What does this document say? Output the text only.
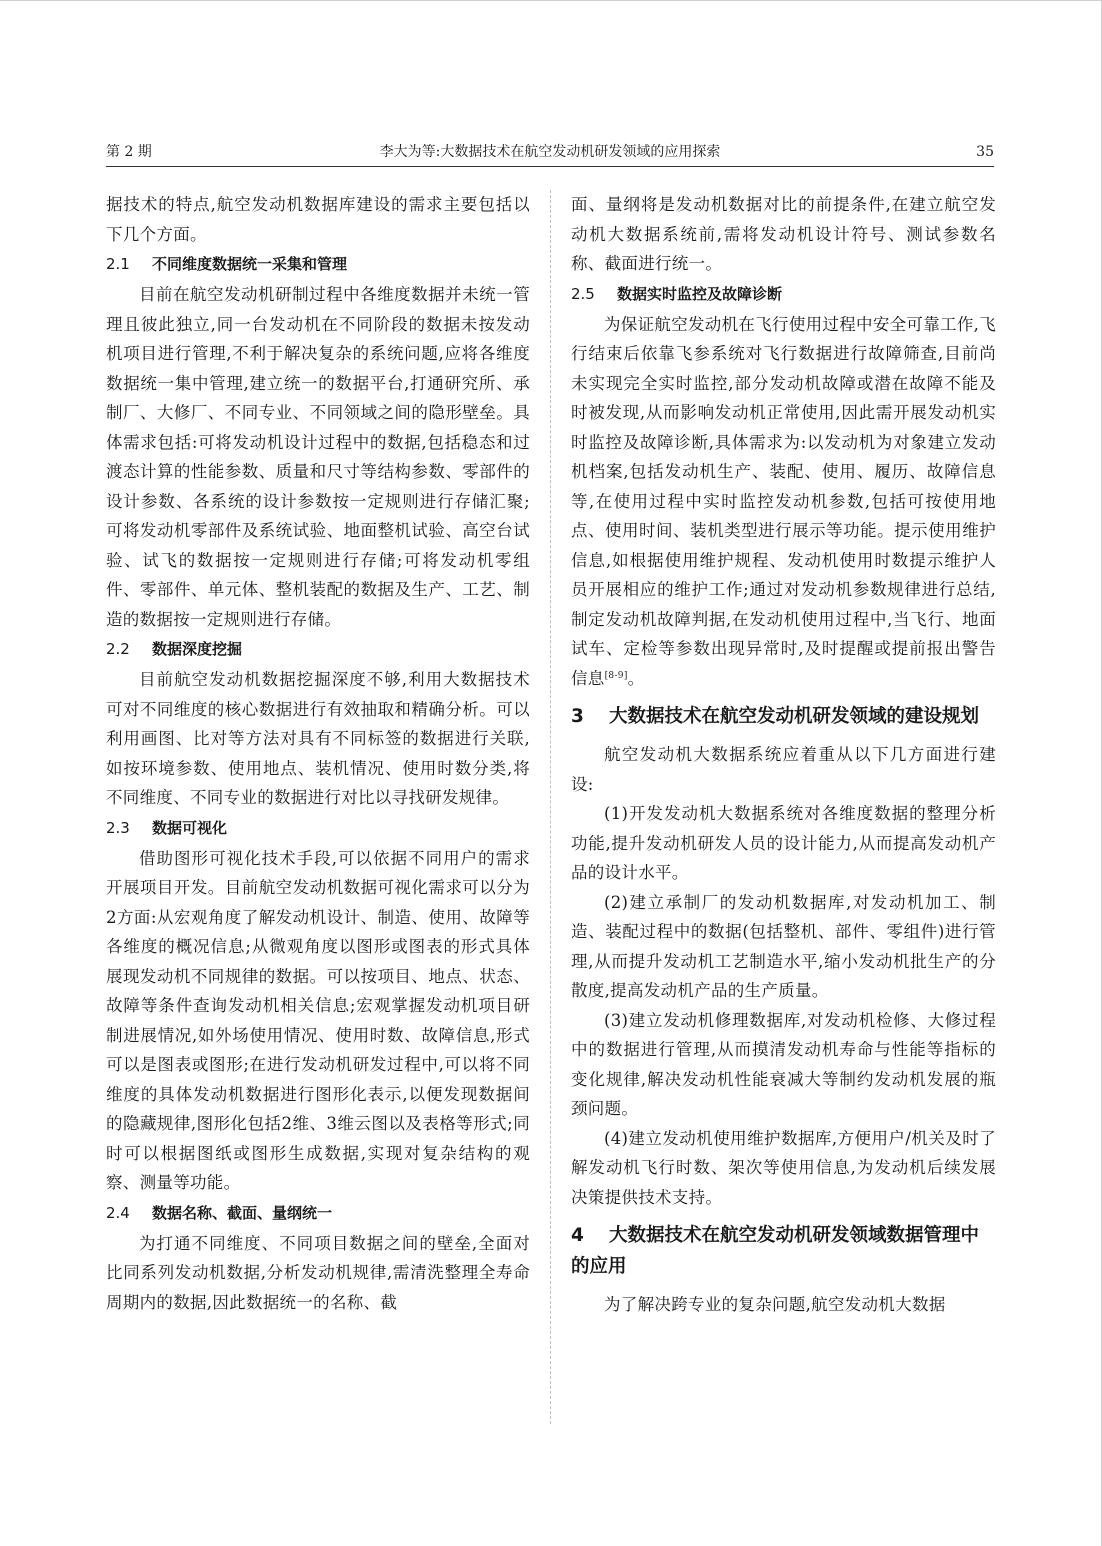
第 2 期	李大为等:大数据技术在航空发动机研发领域的应用探索	35

据技术的特点,航空发动机数据库建设的需求主要包括以下几个方面。

2.1 不同维度数据统一采集和管理

目前在航空发动机研制过程中各维度数据并未统一管理且彼此独立,同一台发动机在不同阶段的数据未按发动机项目进行管理,不利于解决复杂的系统问题,应将各维度数据统一集中管理,建立统一的数据平台,打通研究所、承制厂、大修厂、不同专业、不同领域之间的隐形壁垒。具体需求包括:可将发动机设计过程中的数据,包括稳态和过渡态计算的性能参数、质量和尺寸等结构参数、零部件的设计参数、各系统的设计参数按一定规则进行存储汇聚;可将发动机零部件及系统试验、地面整机试验、高空台试验、试飞的数据按一定规则进行存储;可将发动机零组件、零部件、单元体、整机装配的数据及生产、工艺、制造的数据按一定规则进行存储。

2.2 数据深度挖掘

目前航空发动机数据挖掘深度不够,利用大数据技术可对不同维度的核心数据进行有效抽取和精确分析。可以利用画图、比对等方法对具有不同标签的数据进行关联,如按环境参数、使用地点、装机情况、使用时数分类,将不同维度、不同专业的数据进行对比以寻找研发规律。

2.3 数据可视化

借助图形可视化技术手段,可以依据不同用户的需求开展项目开发。目前航空发动机数据可视化需求可以分为2方面:从宏观角度了解发动机设计、制造、使用、故障等各维度的概况信息;从微观角度以图形或图表的形式具体展现发动机不同规律的数据。可以按项目、地点、状态、故障等条件查询发动机相关信息;宏观掌握发动机项目研制进展情况,如外场使用情况、使用时数、故障信息,形式可以是图表或图形;在进行发动机研发过程中,可以将不同维度的具体发动机数据进行图形化表示,以便发现数据间的隐藏规律,图形化包括2维、3维云图以及表格等形式;同时可以根据图纸或图形生成数据,实现对复杂结构的观察、测量等功能。

2.4 数据名称、截面、量纲统一

为打通不同维度、不同项目数据之间的壁垒,全面对比同系列发动机数据,分析发动机规律,需清洗整理全寿命周期内的数据,因此数据统一的名称、截

面、量纲将是发动机数据对比的前提条件,在建立航空发动机大数据系统前,需将发动机设计符号、测试参数名称、截面进行统一。

2.5 数据实时监控及故障诊断

为保证航空发动机在飞行使用过程中安全可靠工作,飞行结束后依靠飞参系统对飞行数据进行故障筛查,目前尚未实现完全实时监控,部分发动机故障或潜在故障不能及时被发现,从而影响发动机正常使用,因此需开展发动机实时监控及故障诊断,具体需求为:以发动机为对象建立发动机档案,包括发动机生产、装配、使用、履历、故障信息等,在使用过程中实时监控发动机参数,包括可按使用地点、使用时间、装机类型进行展示等功能。提示使用维护信息,如根据使用维护规程、发动机使用时数提示维护人员开展相应的维护工作;通过对发动机参数规律进行总结,制定发动机故障判据,在发动机使用过程中,当飞行、地面试车、定检等参数出现异常时,及时提醒或提前报出警告信息[8-9]。

3 大数据技术在航空发动机研发领域的建设规划

航空发动机大数据系统应着重从以下几方面进行建设:

(1)开发发动机大数据系统对各维度数据的整理分析功能,提升发动机研发人员的设计能力,从而提高发动机产品的设计水平。

(2)建立承制厂的发动机数据库,对发动机加工、制造、装配过程中的数据(包括整机、部件、零组件)进行管理,从而提升发动机工艺制造水平,缩小发动机批生产的分散度,提高发动机产品的生产质量。

(3)建立发动机修理数据库,对发动机检修、大修过程中的数据进行管理,从而摸清发动机寿命与性能等指标的变化规律,解决发动机性能衰减大等制约发动机发展的瓶颈问题。

(4)建立发动机使用维护数据库,方便用户/机关及时了解发动机飞行时数、架次等使用信息,为发动机后续发展决策提供技术支持。

4 大数据技术在航空发动机研发领域数据管理中的应用

为了解决跨专业的复杂问题,航空发动机大数据
